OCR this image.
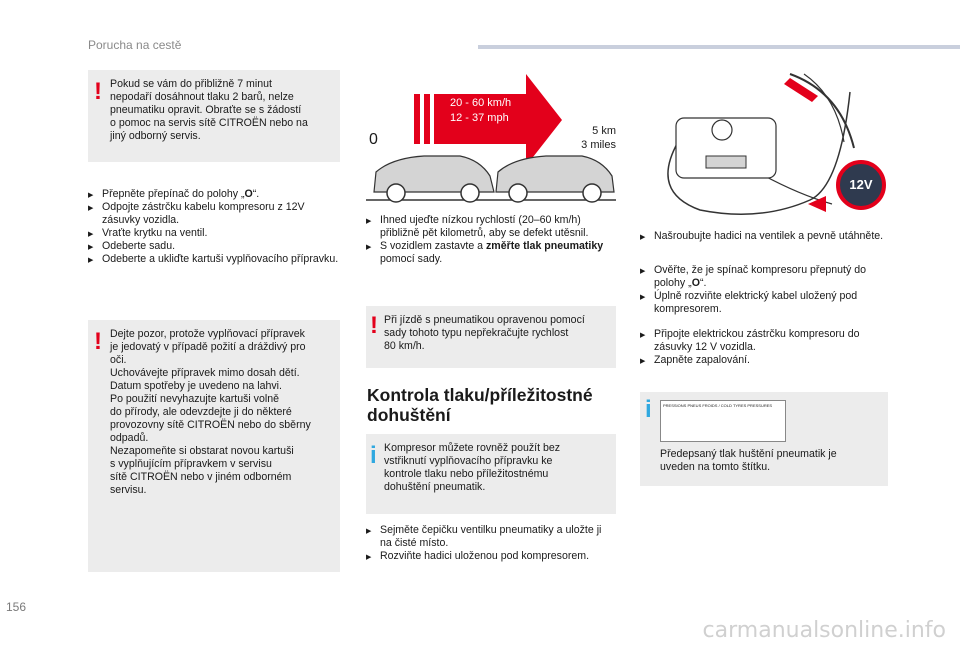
Porucha na cestě
! Pokud se vám do přibližně 7 minut
nepodaří dosáhnout tlaku 2 barů, nelze
pneumatiku opravit. Obraťte se s žádostí
o pomoc na servis sítě CITROËN nebo na
jiný odborný servis.
▶ Přepněte přepínač do polohy „O“.
▶ Odpojte zástrčku kabelu kompresoru z 12V zásuvky vozidla.
▶ Vraťte krytku na ventil.
▶ Odeberte sadu.
▶ Odeberte a ukliďte kartuši vyplňovacího přípravku.
! Dejte pozor, protože vyplňovací přípravek
je jedovatý v případě požití a dráždivý pro
oči.
Uchovávejte přípravek mimo dosah dětí.
Datum spotřeby je uvedeno na lahvi.
Po použití nevyhazujte kartuši volně
do přírody, ale odevzdejte ji do některé
provozovny sítě CITROËN nebo do sběrny
odpadů.
Nezapomeňte si obstarat novou kartuši
s vyplňujícím přípravkem v servisu
sítě CITROËN nebo v jiném odborném
servisu.
20 - 60 km/h
12 - 37 mph
0	5 km
3 miles
▶ Ihned ujeďte nízkou rychlostí (20–60 km/h) přibližně pět kilometrů, aby se defekt utěsnil.
▶ S vozidlem zastavte a změřte tlak pneumatiky pomocí sady.
! Při jízdě s pneumatikou opravenou pomocí
sady tohoto typu nepřekračujte rychlost
80 km/h.
Kontrola tlaku/příležitostné dohuštění
i Kompresor můžete rovněž použít bez
vstřiknutí vyplňovacího přípravku ke
kontrole tlaku nebo příležitostnému
dohuštění pneumatik.
▶ Sejměte čepičku ventilku pneumatiky a uložte ji na čisté místo.
▶ Rozviňte hadici uloženou pod kompresorem.
12V
▶ Našroubujte hadici na ventilek a pevně utáhněte.
▶ Ověřte, že je spínač kompresoru přepnutý do polohy „O“.
▶ Úplně rozviňte elektrický kabel uložený pod kompresorem.
▶ Připojte elektrickou zástrčku kompresoru do zásuvky 12 V vozidla.
▶ Zapněte zapalování.
i	PRESSIONS PNEUS FROIDS / COLD TYRES PRESSURES
Předepsaný tlak huštění pneumatik je
uveden na tomto štítku.
156
carmanualsonline.info
